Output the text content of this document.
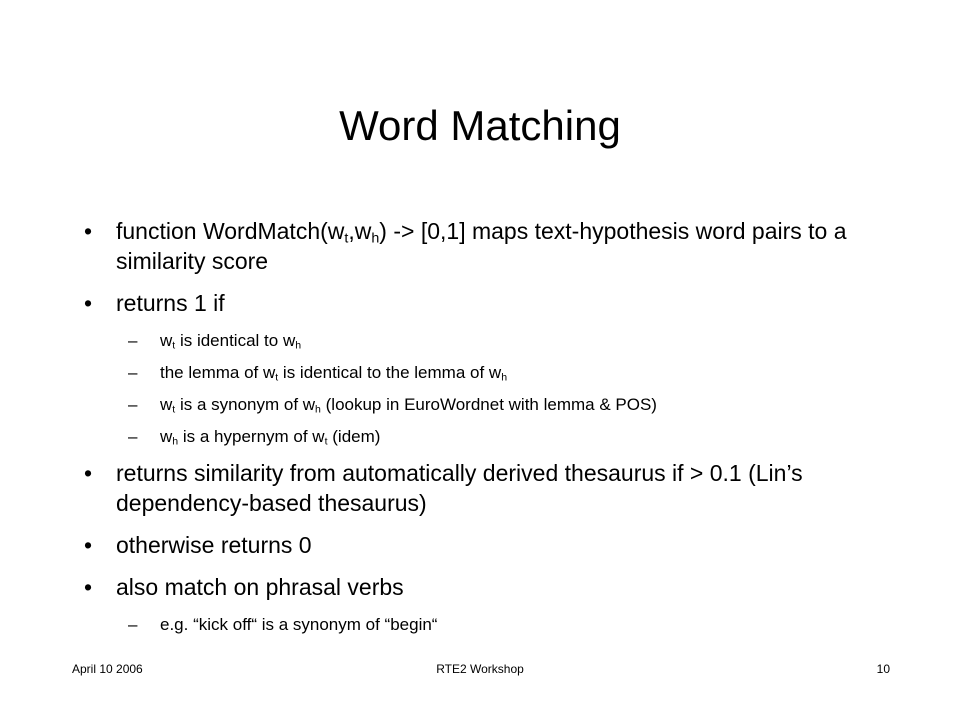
Word Matching
• function $WordMatch(w_t,w_h) -> [0,1]$ maps text-hypothesis word pairs to a similarity score
• returns 1 if
– $w_t$ is identical to $w_h$
– the lemma of $w_t$ is identical to the lemma of $w_h$
– $w_t$ is a synonym of $w_h$ (lookup in EuroWordnet with lemma & POS)
– $w_h$ is a hypernym of $w_t$ (idem)
• returns similarity from automatically derived thesaurus if > 0.1 (Lin’s dependency-based thesaurus)
• otherwise returns 0
• also match on phrasal verbs
– e.g. “kick off“ is a synonym of “begin“
April 10 2006	RTE2 Workshop	10
